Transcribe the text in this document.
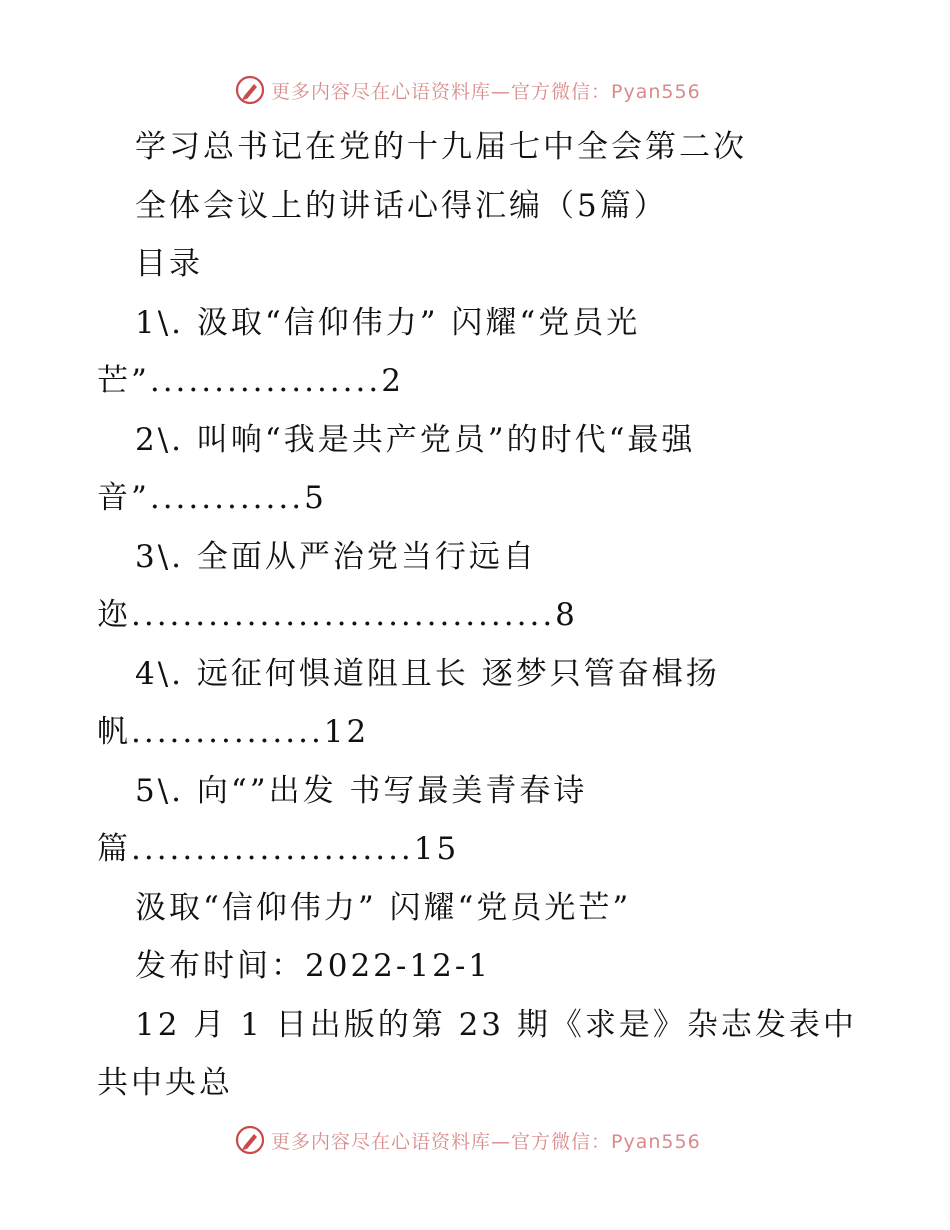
更多内容尽在心语资料库—官方微信：Pyan556
学习总书记在党的十九届七中全会第二次
全体会议上的讲话心得汇编（5篇）
目录
1\. 汲取“信仰伟力” 闪耀“党员光
芒”..................2
2\. 叫响“我是共产党员”的时代“最强
音”............5
3\. 全面从严治党当行远自
迩.................................8
4\. 远征何惧道阻且长 逐梦只管奋楫扬
帆...............12
5\. 向“”出发 书写最美青春诗
篇......................15
汲取“信仰伟力” 闪耀“党员光芒”
发布时间：2022-12-1
12 月 1 日出版的第 23 期《求是》杂志发表中
共中央总
更多内容尽在心语资料库—官方微信：Pyan556
